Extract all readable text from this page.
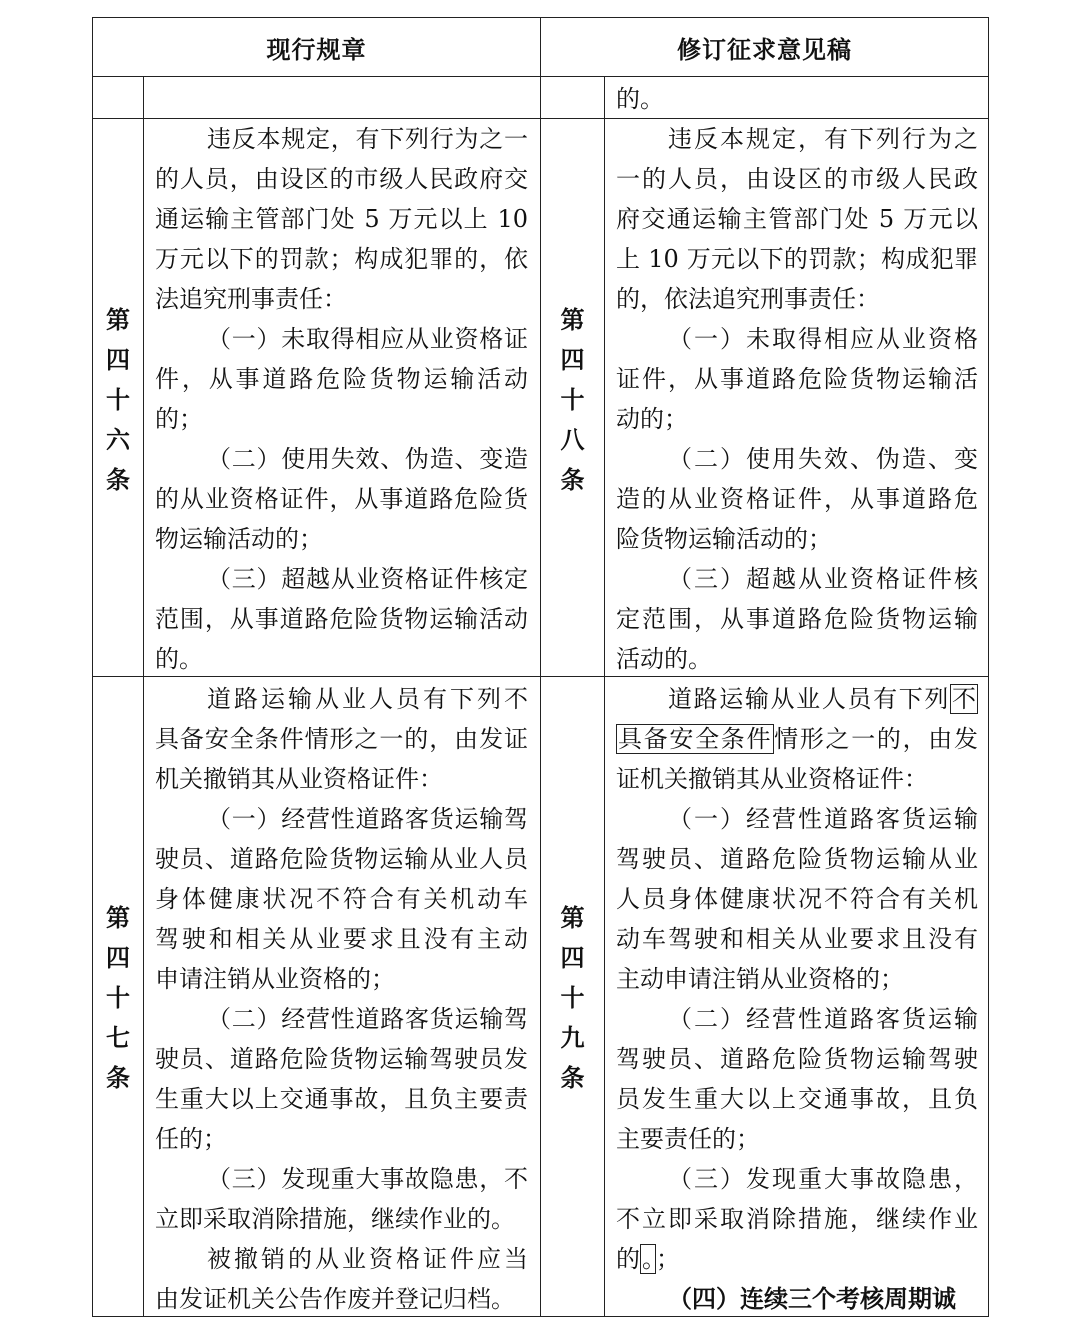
现行规章	修订征求意见稿
的。
第
四
十
六
条
第
四
十
八
条
违反本规定，有下列行为之一
的人员，由设区的市级人民政府交
通运输主管部门处 5 万元以上 10
万元以下的罚款；构成犯罪的，依
法追究刑事责任：
（一）未取得相应从业资格证
件，从事道路危险货物运输活动
的；
（二）使用失效、伪造、变造
的从业资格证件，从事道路危险货
物运输活动的；
（三）超越从业资格证件核定
范围，从事道路危险货物运输活动
的。
违反本规定，有下列行为之
一的人员，由设区的市级人民政
府交通运输主管部门处 5 万元以
上 10 万元以下的罚款；构成犯罪
的，依法追究刑事责任：
（一）未取得相应从业资格
证件，从事道路危险货物运输活
动的；
（二）使用失效、伪造、变
造的从业资格证件，从事道路危
险货物运输活动的；
（三）超越从业资格证件核
定范围，从事道路危险货物运输
活动的。
第
四
十
七
条
第
四
十
九
条
道路运输从业人员有下列不
具备安全条件情形之一的，由发证
机关撤销其从业资格证件：
（一）经营性道路客货运输驾
驶员、道路危险货物运输从业人员
身体健康状况不符合有关机动车
驾驶和相关从业要求且没有主动
申请注销从业资格的；
（二）经营性道路客货运输驾
驶员、道路危险货物运输驾驶员发
生重大以上交通事故，且负主要责
任的；
（三）发现重大事故隐患，不
立即采取消除措施，继续作业的。
被撤销的从业资格证件应当
由发证机关公告作废并登记归档。
道路运输从业人员有下列不
具备安全条件情形之一的，由发
证机关撤销其从业资格证件：
（一）经营性道路客货运输
驾驶员、道路危险货物运输从业
人员身体健康状况不符合有关机
动车驾驶和相关从业要求且没有
主动申请注销从业资格的；
（二）经营性道路客货运输
驾驶员、道路危险货物运输驾驶
员发生重大以上交通事故，且负
主要责任的；
（三）发现重大事故隐患，
不立即采取消除措施，继续作业
的。；
（四）连续三个考核周期诚
